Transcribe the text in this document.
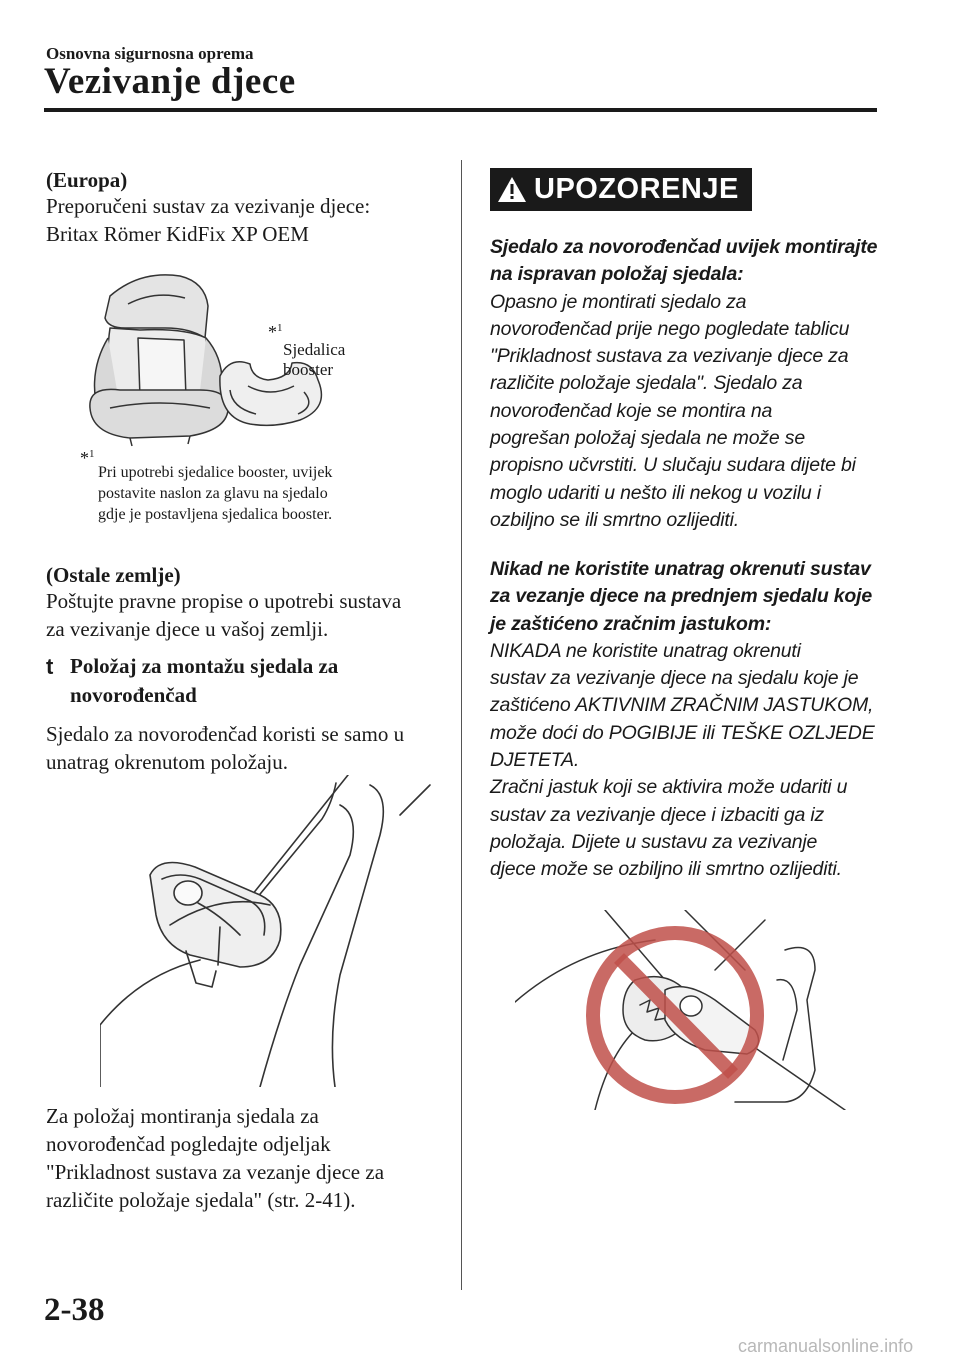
Osnovna sigurnosna oprema
Vezivanje djece
(Europa)
Preporučeni sustav za vezivanje djece:
Britax Römer KidFix XP OEM
*$^1$
Sjedalica
booster
*$^1$
Pri upotrebi sjedalice booster, uvijek
postavite naslon za glavu na sjedalo
gdje je postavljena sjedalica booster.
(Ostale zemlje)
Poštujte pravne propise o upotrebi sustava
za vezivanje djece u vašoj zemlji.
t Položaj za montažu sjedala za
novorođenčad
Sjedalo za novorođenčad koristi se samo u
unatrag okrenutom položaju.
Za položaj montiranja sjedala za
novorođenčad pogledajte odjeljak
"Prikladnost sustava za vezanje djece za
različite položaje sjedala" (str. 2-41).
UPOZORENJE
Sjedalo za novorođenčad uvijek montirajte
na ispravan položaj sjedala:
Opasno je montirati sjedalo za
novorođenčad prije nego pogledate tablicu
"Prikladnost sustava za vezivanje djece za
različite položaje sjedala". Sjedalo za
novorođenčad koje se montira na
pogrešan položaj sjedala ne može se
propisno učvrstiti. U slučaju sudara dijete bi
moglo udariti u nešto ili nekog u vozilu i
ozbiljno se ili smrtno ozlijediti.
Nikad ne koristite unatrag okrenuti sustav
za vezanje djece na prednjem sjedalu koje
je zaštićeno zračnim jastukom:
NIKADA ne koristite unatrag okrenuti
sustav za vezivanje djece na sjedalu koje je
zaštićeno AKTIVNIM ZRAČNIM JASTUKOM,
može doći do POGIBIJE ili TEŠKE OZLJEDE
DJETETA.
Zračni jastuk koji se aktivira može udariti u
sustav za vezivanje djece i izbaciti ga iz
položaja. Dijete u sustavu za vezivanje
djece može se ozbiljno ili smrtno ozlijediti.
2-38
carmanualsonline.info
